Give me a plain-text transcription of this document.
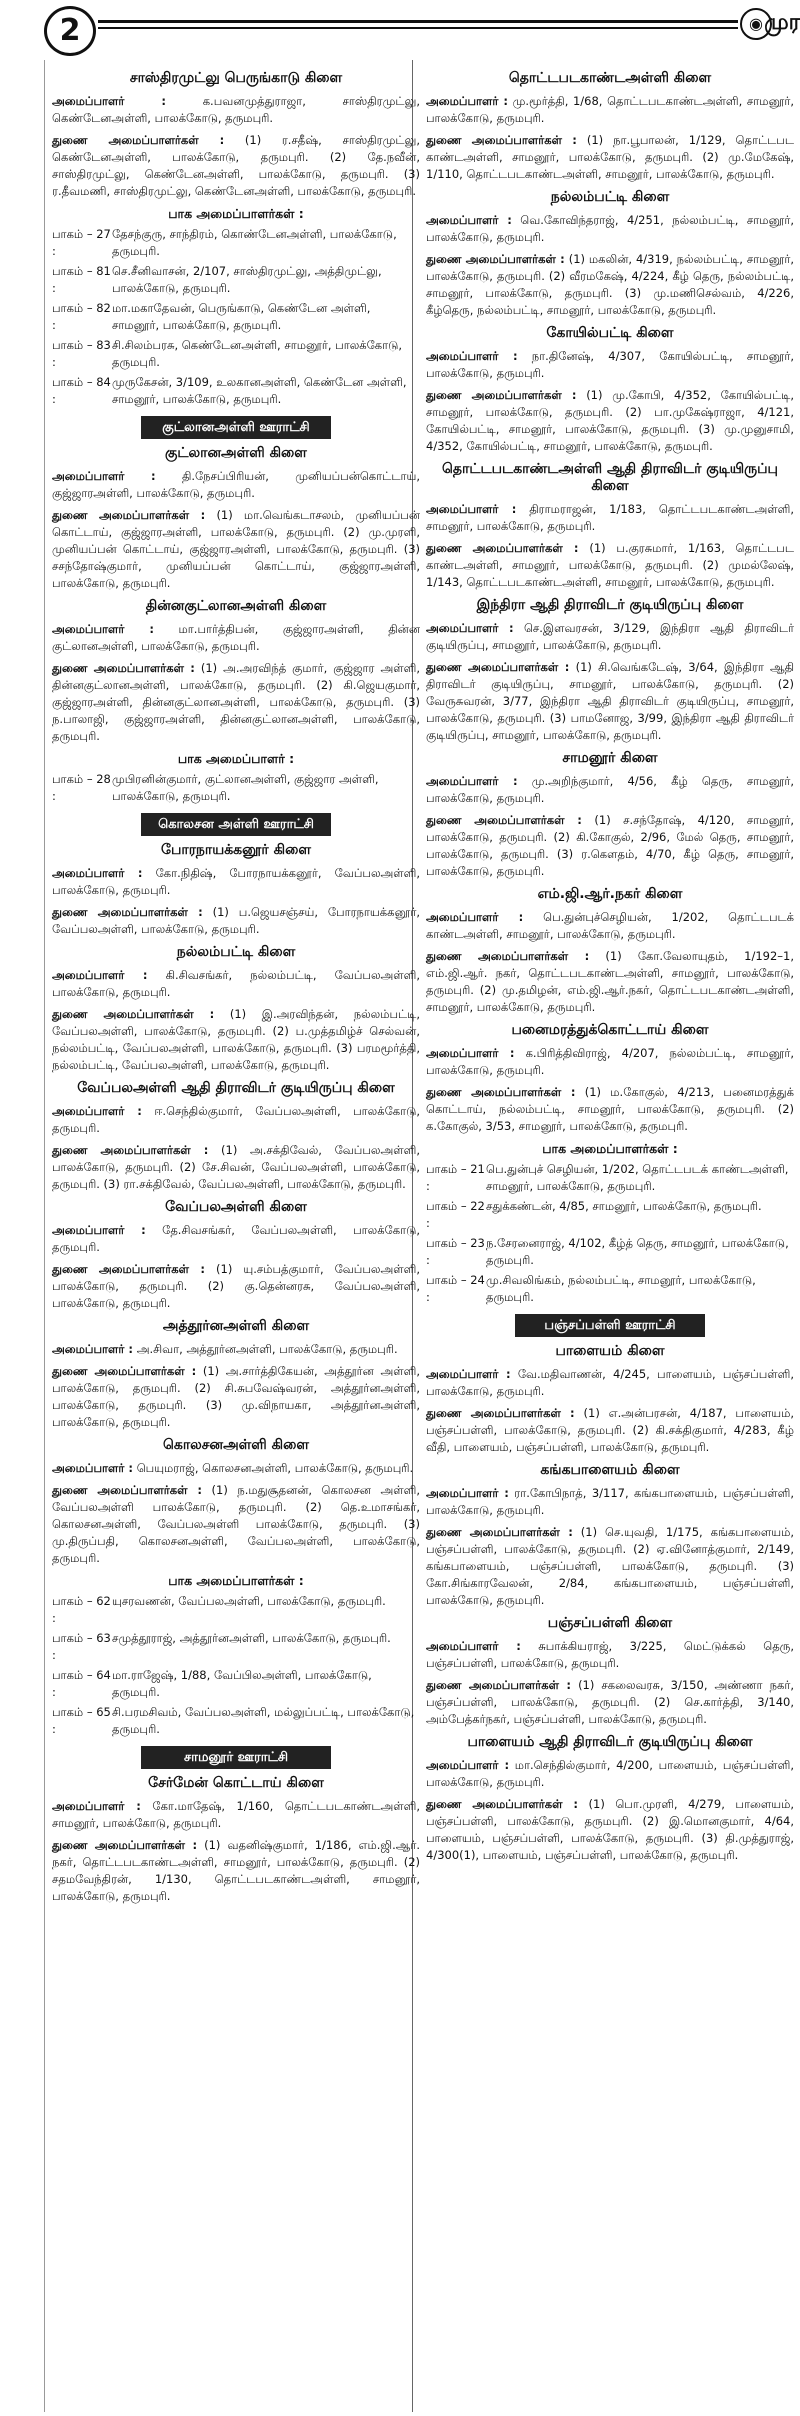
2	◉ முர
சாஸ்திரமுட்லு பெருங்காடு கிளை

அமைப்பாளர் :	க.பவனமுத்துராஜா, சாஸ்திரமுட்லு, கெண்டேனஅள்ளி, பாலக்கோடு, தருமபுரி.

துணை அமைப்பாளர்கள் : (1) ர.சதீஷ், சாஸ்திரமுட்லு, கெண்டேனஅள்ளி, பாலக்கோடு, தருமபுரி. (2) தே.நவீன், சாஸ்திரமுட்லு, கெண்டேனஅள்ளி, பாலக்கோடு, தருமபுரி. (3) ர.தீவமணி, சாஸ்திரமுட்லு, கெண்டேனஅள்ளி, பாலக்கோடு, தருமபுரி.

பாக அமைப்பாளர்கள் :
பாகம் – 27 :
தேசந்குரு, சாந்திரம், கொண்டேனஅள்ளி, பாலக்கோடு, தருமபுரி.
பாகம் – 81 :
செ.சீனிவாசன், 2/107, சாஸ்திரமுட்லு, அத்திமுட்லு, பாலக்கோடு, தருமபுரி.
பாகம் – 82 :
மா.மகாதேவன், பெருங்காடு, கெண்டேன அள்ளி, சாமனூர், பாலக்கோடு, தருமபுரி.
பாகம் – 83 :
சி.சிலம்பரசு, கெண்டேனஅள்ளி, சாமனூர், பாலக்கோடு, தருமபுரி.
பாகம் – 84 :
முருகேசன், 3/109, உலகானஅள்ளி, கெண்டேன அள்ளி, சாமனூர், பாலக்கோடு, தருமபுரி.
குட்லானஅள்ளி ஊராட்சி
குட்லானஅள்ளி கிளை

அமைப்பாளர் : தி.நேசப்பிரியன், முனியப்பன்கொட்டாய், குஜ்ஜாரஅள்ளி, பாலக்கோடு, தருமபுரி.

துணை அமைப்பாளர்கள் : (1) மா.வெங்கடாசலம், முனியப்பன் கொட்டாய், குஜ்ஜாரஅள்ளி, பாலக்கோடு, தருமபுரி. (2) மு.முரளி, முனியப்பன் கொட்டாய், குஜ்ஜாரஅள்ளி, பாலக்கோடு, தருமபுரி. (3) சசந்தோஷ்குமார், முனியப்பன் கொட்டாய், குஜ்ஜாரஅள்ளி, பாலக்கோடு, தருமபுரி.

தின்னகுட்லானஅள்ளி கிளை

அமைப்பாளர் : மா.பார்த்திபன், குஜ்ஜாரஅள்ளி, தின்ன குட்லானஅள்ளி, பாலக்கோடு, தருமபுரி.

துணை அமைப்பாளர்கள் : (1) அ.அரவிந்த் குமார், குஜ்ஜார அள்ளி, தின்னகுட்லானஅள்ளி, பாலக்கோடு, தருமபுரி. (2) கி.ஜெயகுமார், குஜ்ஜாரஅள்ளி, தின்னகுட்லானஅள்ளி, பாலக்கோடு, தருமபுரி. (3) ந.பாலாஜி, குஜ்ஜாரஅள்ளி, தின்னகுட்லானஅள்ளி, பாலக்கோடு, தருமபுரி.

பாக அமைப்பாளர் :
பாகம் – 28 :
முபிரனின்குமார், குட்லானஅள்ளி, குஜ்ஜார அள்ளி, பாலக்கோடு, தருமபுரி.
கொலசன அள்ளி ஊராட்சி
போரநாயக்கனூர் கிளை

அமைப்பாளர் : கோ.நிதிஷ், போரநாயக்கனூர், வேப்பலஅள்ளி, பாலக்கோடு, தருமபுரி.

துணை அமைப்பாளர்கள் : (1) ப.ஜெயசஞ்சய், போரநாயக்கனூர், வேப்பலஅள்ளி, பாலக்கோடு, தருமபுரி.

நல்லம்பட்டி கிளை

அமைப்பாளர் : கி.சிவசங்கர், நல்லம்பட்டி, வேப்பலஅள்ளி, பாலக்கோடு, தருமபுரி.

துணை அமைப்பாளர்கள் : (1) இ.அரவிந்தன், நல்லம்பட்டி, வேப்பலஅள்ளி, பாலக்கோடு, தருமபுரி. (2) ப.முத்தமிழ்ச் செல்வன், நல்லம்பட்டி, வேப்பலஅள்ளி, பாலக்கோடு, தருமபுரி. (3) பரமமூர்த்தி, நல்லம்பட்டி, வேப்பலஅள்ளி, பாலக்கோடு, தருமபுரி.

வேப்பலஅள்ளி ஆதி திராவிடர் குடியிருப்பு கிளை

அமைப்பாளர் : ஈ.செந்தில்குமார், வேப்பலஅள்ளி, பாலக்கோடு, தருமபுரி.

துணை அமைப்பாளர்கள் : (1) அ.சக்திவேல், வேப்பலஅள்ளி, பாலக்கோடு, தருமபுரி. (2) சே.சிவன், வேப்பலஅள்ளி, பாலக்கோடு, தருமபுரி. (3) ரா.சக்திவேல், வேப்பலஅள்ளி, பாலக்கோடு, தருமபுரி.

வேப்பலஅள்ளி கிளை

அமைப்பாளர் : தே.சிவசங்கர், வேப்பலஅள்ளி, பாலக்கோடு, தருமபுரி.

துணை அமைப்பாளர்கள் : (1) யு.சம்பத்குமார், வேப்பலஅள்ளி, பாலக்கோடு, தருமபுரி. (2) கு.தென்னரசு, வேப்பலஅள்ளி, பாலக்கோடு, தருமபுரி.

அத்தூர்னஅள்ளி கிளை

அமைப்பாளர் : அ.சிவா, அத்தூர்னஅள்ளி, பாலக்கோடு, தருமபுரி.

துணை அமைப்பாளர்கள் : (1) அ.சார்த்திகேயன், அத்தூர்ன அள்ளி, பாலக்கோடு, தருமபுரி. (2) சி.சுபவேஷ்வரன், அத்தூர்னஅள்ளி, பாலக்கோடு, தருமபுரி. (3) மு.விநாயகா, அத்தூர்னஅள்ளி, பாலக்கோடு, தருமபுரி.

கொலசனஅள்ளி கிளை

அமைப்பாளர் : பெயுமராஜ், கொலசனஅள்ளி, பாலக்கோடு, தருமபுரி.

துணை அமைப்பாளர்கள் : (1) ந.மதுசூதனன், கொலசன அள்ளி, வேப்பலஅள்ளி பாலக்கோடு, தருமபுரி. (2) தெ.உமாசங்கர், கொலசனஅள்ளி, வேப்பலஅள்ளி பாலக்கோடு, தருமபுரி. (3) மு.திருப்பதி, கொலசனஅள்ளி, வேப்பலஅள்ளி, பாலக்கோடு, தருமபுரி.

பாக அமைப்பாளர்கள் :
பாகம் – 62 :
யுசரவணன், வேப்பலஅள்ளி, பாலக்கோடு, தருமபுரி.
பாகம் – 63 :
சமுத்தூராஜ், அத்தூர்னஅள்ளி, பாலக்கோடு, தருமபுரி.
பாகம் – 64 :
மா.ராஜேஷ், 1/88, வேப்பிலஅள்ளி, பாலக்கோடு, தருமபுரி.
பாகம் – 65 :
சி.பரமசிவம், வேப்பலஅள்ளி, மல்லுப்பட்டி, பாலக்கோடு, தருமபுரி.
சாமனூர் ஊராட்சி
சேர்மேன் கொட்டாய் கிளை

அமைப்பாளர் : கோ.மாதேஷ், 1/160, தொட்டபடகாண்டஅள்ளி, சாமனூர், பாலக்கோடு, தருமபுரி.

துணை அமைப்பாளர்கள் : (1) வதனிஷ்குமார், 1/186, எம்.ஜி.ஆர். நகர், தொட்டபடகாண்டஅள்ளி, சாமனூர், பாலக்கோடு, தருமபுரி. (2) சதமவேந்திரன், 1/130, தொட்டபடகாண்டஅள்ளி, சாமனூர், பாலக்கோடு, தருமபுரி.

தொட்டபடகாண்டஅள்ளி கிளை

அமைப்பாளர் : மு.மூர்த்தி, 1/68, தொட்டபடகாண்டஅள்ளி, சாமனூர், பாலக்கோடு, தருமபுரி.

துணை அமைப்பாளர்கள் : (1) நா.பூபாலன், 1/129, தொட்டபட காண்டஅள்ளி, சாமனூர், பாலக்கோடு, தருமபுரி. (2) மு.மேகேஷ், 1/110, தொட்டபடகாண்டஅள்ளி, சாமனூர், பாலக்கோடு, தருமபுரி.

நல்லம்பட்டி கிளை

அமைப்பாளர் : வெ.கோவிந்தராஜ், 4/251, நல்லம்பட்டி, சாமனூர், பாலக்கோடு, தருமபுரி.

துணை அமைப்பாளர்கள் : (1) மகலின், 4/319, நல்லம்பட்டி, சாமனூர், பாலக்கோடு, தருமபுரி. (2) வீரமகேஷ், 4/224, கீழ் தெரு, நல்லம்பட்டி, சாமனூர், பாலக்கோடு, தருமபுரி. (3) மு.மணிசெல்வம், 4/226, கீழ்தெரு, நல்லம்பட்டி, சாமனூர், பாலக்கோடு, தருமபுரி.

கோயில்பட்டி கிளை

அமைப்பாளர் : நா.தினேஷ், 4/307, கோயில்பட்டி, சாமனூர், பாலக்கோடு, தருமபுரி.

துணை அமைப்பாளர்கள் : (1) மு.கோபி, 4/352, கோயில்பட்டி, சாமனூர், பாலக்கோடு, தருமபுரி. (2) பா.முகேஷ்ராஜா, 4/121, கோயில்பட்டி, சாமனூர், பாலக்கோடு, தருமபுரி. (3) மு.முனுசாமி, 4/352, கோயில்பட்டி, சாமனூர், பாலக்கோடு, தருமபுரி.

தொட்டபடகாண்டஅள்ளி ஆதி திராவிடர் குடியிருப்பு கிளை

அமைப்பாளர் : திராமராஜன், 1/183, தொட்டபடகாண்டஅள்ளி, சாமனூர், பாலக்கோடு, தருமபுரி.

துணை அமைப்பாளர்கள் : (1) ப.குரசுமார், 1/163, தொட்டபட காண்டஅள்ளி, சாமனூர், பாலக்கோடு, தருமபுரி. (2) முமல்லேஷ், 1/143, தொட்டபடகாண்டஅள்ளி, சாமனூர், பாலக்கோடு, தருமபுரி.

இந்திரா ஆதி திராவிடர் குடியிருப்பு கிளை

அமைப்பாளர் : செ.இளவரசன், 3/129, இந்திரா ஆதி திராவிடர் குடியிருப்பு, சாமனூர், பாலக்கோடு, தருமபுரி.

துணை அமைப்பாளர்கள் : (1) சி.வெங்கடேஷ், 3/64, இந்திரா ஆதி திராவிடர் குடியிருப்பு, சாமனூர், பாலக்கோடு, தருமபுரி. (2) வேருசுவரன், 3/77, இந்திரா ஆதி திராவிடர் குடியிருப்பு, சாமனூர், பாலக்கோடு, தருமபுரி. (3) பாமனோஜ, 3/99, இந்திரா ஆதி திராவிடர் குடியிருப்பு, சாமனூர், பாலக்கோடு, தருமபுரி.

சாமனூர் கிளை

அமைப்பாளர் : மு.அறிந்குமார், 4/56, கீழ் தெரு, சாமனூர், பாலக்கோடு, தருமபுரி.

துணை அமைப்பாளர்கள் : (1) ச.சந்தோஷ், 4/120, சாமனூர், பாலக்கோடு, தருமபுரி. (2) கி.கோகுல், 2/96, மேல் தெரு, சாமனூர், பாலக்கோடு, தருமபுரி. (3) ர.கௌதம், 4/70, கீழ் தெரு, சாமனூர், பாலக்கோடு, தருமபுரி.

எம்.ஜி.ஆர்.நகர் கிளை

அமைப்பாளர் : பெ.துன்புச்செழியன், 1/202, தொட்டபடக் காண்டஅள்ளி, சாமனூர், பாலக்கோடு, தருமபுரி.

துணை அமைப்பாளர்கள் : (1) கோ.வேலாயுதம், 1/192–1, எம்.ஜி.ஆர். நகர், தொட்டபடகாண்டஅள்ளி, சாமனூர், பாலக்கோடு, தருமபுரி. (2) மு.தமிழன், எம்.ஜி.ஆர்.நகர், தொட்டபடகாண்டஅள்ளி, சாமனூர், பாலக்கோடு, தருமபுரி.

பனைமரத்துக்கொட்டாய் கிளை

அமைப்பாளர் : க.பிரித்திவிராஜ், 4/207, நல்லம்பட்டி, சாமனூர், பாலக்கோடு, தருமபுரி.

துணை அமைப்பாளர்கள் : (1) ம.கோகுல், 4/213, பனைமரத்துக் கொட்டாய், நல்லம்பட்டி, சாமனூர், பாலக்கோடு, தருமபுரி. (2) க.கோகுல், 3/53, சாமனூர், பாலக்கோடு, தருமபுரி.

பாக அமைப்பாளர்கள் :
பாகம் – 21 :
பெ.துன்புச் செழியன், 1/202, தொட்டபடக் காண்டஅள்ளி, சாமனூர், பாலக்கோடு, தருமபுரி.
பாகம் – 22 :
சதுக்கண்டன், 4/85, சாமனூர், பாலக்கோடு, தருமபுரி.
பாகம் – 23 :
ந.சேரனைராஜ், 4/102, கீழ்த் தெரு, சாமனூர், பாலக்கோடு, தருமபுரி.
பாகம் – 24 :
மு.சிவலிங்கம், நல்லம்பட்டி, சாமனூர், பாலக்கோடு, தருமபுரி.
பஞ்சப்பள்ளி ஊராட்சி
பாளையம் கிளை

அமைப்பாளர் : வே.மதிவாணன், 4/245, பாளையம், பஞ்சப்பள்ளி, பாலக்கோடு, தருமபுரி.

துணை அமைப்பாளர்கள் : (1) எ.அன்பரசன், 4/187, பாளையம், பஞ்சப்பள்ளி, பாலக்கோடு, தருமபுரி. (2) கி.சக்திகுமார், 4/283, கீழ் வீதி, பாளையம், பஞ்சப்பள்ளி, பாலக்கோடு, தருமபுரி.

கங்கபாளையம் கிளை

அமைப்பாளர் : ரா.கோபிநாத், 3/117, கங்கபாளையம், பஞ்சப்பள்ளி, பாலக்கோடு, தருமபுரி.

துணை அமைப்பாளர்கள் : (1) செ.யுவதி, 1/175, கங்கபாளையம், பஞ்சப்பள்ளி, பாலக்கோடு, தருமபுரி. (2) ஏ.வினோத்குமார், 2/149, கங்கபாளையம், பஞ்சப்பள்ளி, பாலக்கோடு, தருமபுரி. (3) கோ.சிங்காரவேலன், 2/84, கங்கபாளையம், பஞ்சப்பள்ளி, பாலக்கோடு, தருமபுரி.

பஞ்சப்பள்ளி கிளை

அமைப்பாளர் : சுபாக்கியராஜ், 3/225, மெட்டுக்கல் தெரு, பஞ்சப்பள்ளி, பாலக்கோடு, தருமபுரி.

துணை அமைப்பாளர்கள் : (1) சகலைவரசு, 3/150, அண்ணா நகர், பஞ்சப்பள்ளி, பாலக்கோடு, தருமபுரி. (2) செ.கார்த்தி, 3/140, அம்பேத்கர்நகர், பஞ்சப்பள்ளி, பாலக்கோடு, தருமபுரி.

பாளையம் ஆதி திராவிடர் குடியிருப்பு கிளை

அமைப்பாளர் : மா.செந்தில்குமார், 4/200, பாளையம், பஞ்சப்பள்ளி, பாலக்கோடு, தருமபுரி.

துணை அமைப்பாளர்கள் : (1) பொ.முரளி, 4/279, பாளையம், பஞ்சப்பள்ளி, பாலக்கோடு, தருமபுரி. (2) இ.மொனகுமார், 4/64, பாளையம், பஞ்சப்பள்ளி, பாலக்கோடு, தருமபுரி. (3) தி.முத்துராஜ், 4/300(1), பாளையம், பஞ்சப்பள்ளி, பாலக்கோடு, தருமபுரி.
